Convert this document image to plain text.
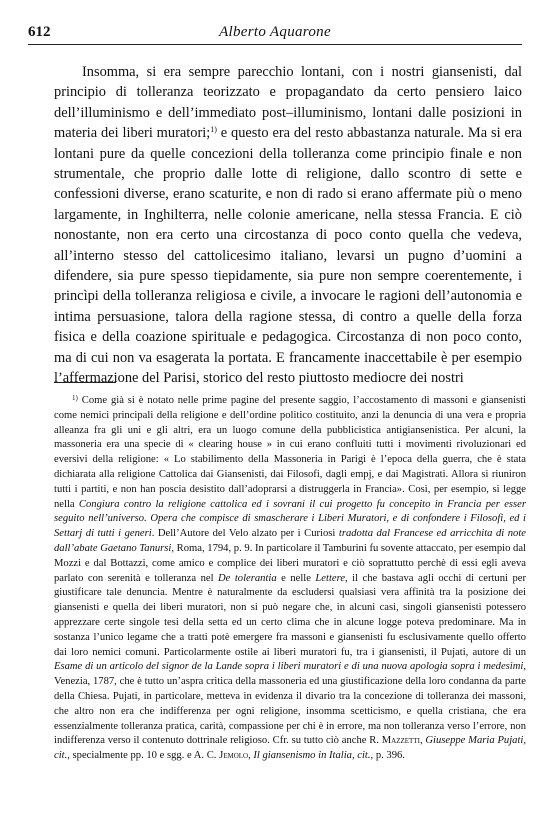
612	Alberto Aquarone

Insomma, si era sempre parecchio lontani, con i nostri giansenisti, dal principio di tolleranza teorizzato e propagandato da certo pensiero laico dell’illuminismo e dell’immediato post–illuminismo, lontani dalle posizioni in materia dei liberi muratori;$^{1)}$ e questo era del resto abbastanza naturale. Ma si era lontani pure da quelle concezioni della tolleranza come principio finale e non strumentale, che proprio dalle lotte di religione, dallo scontro di sette e confessioni diverse, erano scaturite, e non di rado si erano affermate più o meno largamente, in Inghilterra, nelle colonie americane, nella stessa Francia. E ciò nonostante, non era certo una circostanza di poco conto quella che vedeva, all’interno stesso del cattolicesimo italiano, levarsi un pugno d’uomini a difendere, sia pure spesso tiepidamente, sia pure non sempre coerentemente, i princìpi della tolleranza religiosa e civile, a invocare le ragioni dell’autonomia e intima persuasione, talora della ragione stessa, di contro a quelle della forza fisica e della coazione spirituale e pedagogica. Circostanza di non poco conto, ma di cui non va esagerata la portata. E francamente inaccettabile è per esempio l’affermazione del Parisi, storico del resto piuttosto mediocre dei nostri

$^{1)}$ Come già si è notato nelle prime pagine del presente saggio, l’accostamento di massoni e giansenisti come nemici principali della religione e dell’ordine politico costituito, anzi la denuncia di una vera e propria alleanza fra gli uni e gli altri, era un luogo comune della pubblicistica antigiansenistica. Per alcuni, la massoneria era una specie di « clearing house » in cui erano confluiti tutti i movimenti rivoluzionari ed eversivi della religione: « Lo stabilimento della Massoneria in Parigi è l’epoca della guerra, che è stata dichiarata alla religione Cattolica dai Giansenisti, dai Filosofi, dagli empj, e dai Magistrati. Allora si riuniron tutti i partiti, e non han poscia desistito dall’adoprarsi a distruggerla in Francia». Così, per esempio, si legge nella Congiura contro la religione cattolica ed i sovrani il cui progetto fu concepito in Francia per esser seguito nell’universo. Opera che compisce di smascherare i Liberi Muratori, e di confondere i Filosofi, ed i Settarj di tutti i generi. Dell’Autore del Velo alzato per i Curiosi tradotta dal Francese ed arricchita di note dall’abate Gaetano Tanursi, Roma, 1794, p. 9. In particolare il Tamburini fu sovente attaccato, per esempio dal Mozzi e dal Bottazzi, come amico e complice dei liberi muratori e ciò soprattutto perchè di essi egli aveva parlato con serenità e tolleranza nel De tolerantia e nelle Lettere, il che bastava agli occhi di certuni per giustificare tale denuncia. Mentre è naturalmente da escludersi qualsiasi vera affinità tra la posizione dei giansenisti e quella dei liberi muratori, non si può negare che, in alcuni casi, singoli giansenisti potessero apprezzare certe singole tesi della setta ed un certo clima che in alcune logge poteva predominare. Ma in sostanza l’unico legame che a tratti potè emergere fra massoni e giansenisti fu esclusivamente quello offerto dai loro nemici comuni. Particolarmente ostile ai liberi muratori fu, tra i giansenisti, il Pujati, autore di un Esame di un articolo del signor de la Lande sopra i liberi muratori e di una nuova apologia sopra i medesimi, Venezia, 1787, che è tutto un’aspra critica della massoneria ed una giustificazione della loro condanna da parte della Chiesa. Pujati, in particolare, metteva in evidenza il divario tra la concezione di tolleranza dei massoni, che altro non era che indifferenza per ogni religione, insomma scetticismo, e quella cristiana, che era essenzialmente tolleranza pratica, carità, compassione per chi è in errore, ma non tolleranza verso l’errore, non indifferenza verso il contenuto dottrinale religioso. Cfr. su tutto ciò anche R. Mazzetti, Giuseppe Maria Pujati, cit., specialmente pp. 10 e sgg. e A. C. Jemolo, Il giansenismo in Italia, cit., p. 396.
